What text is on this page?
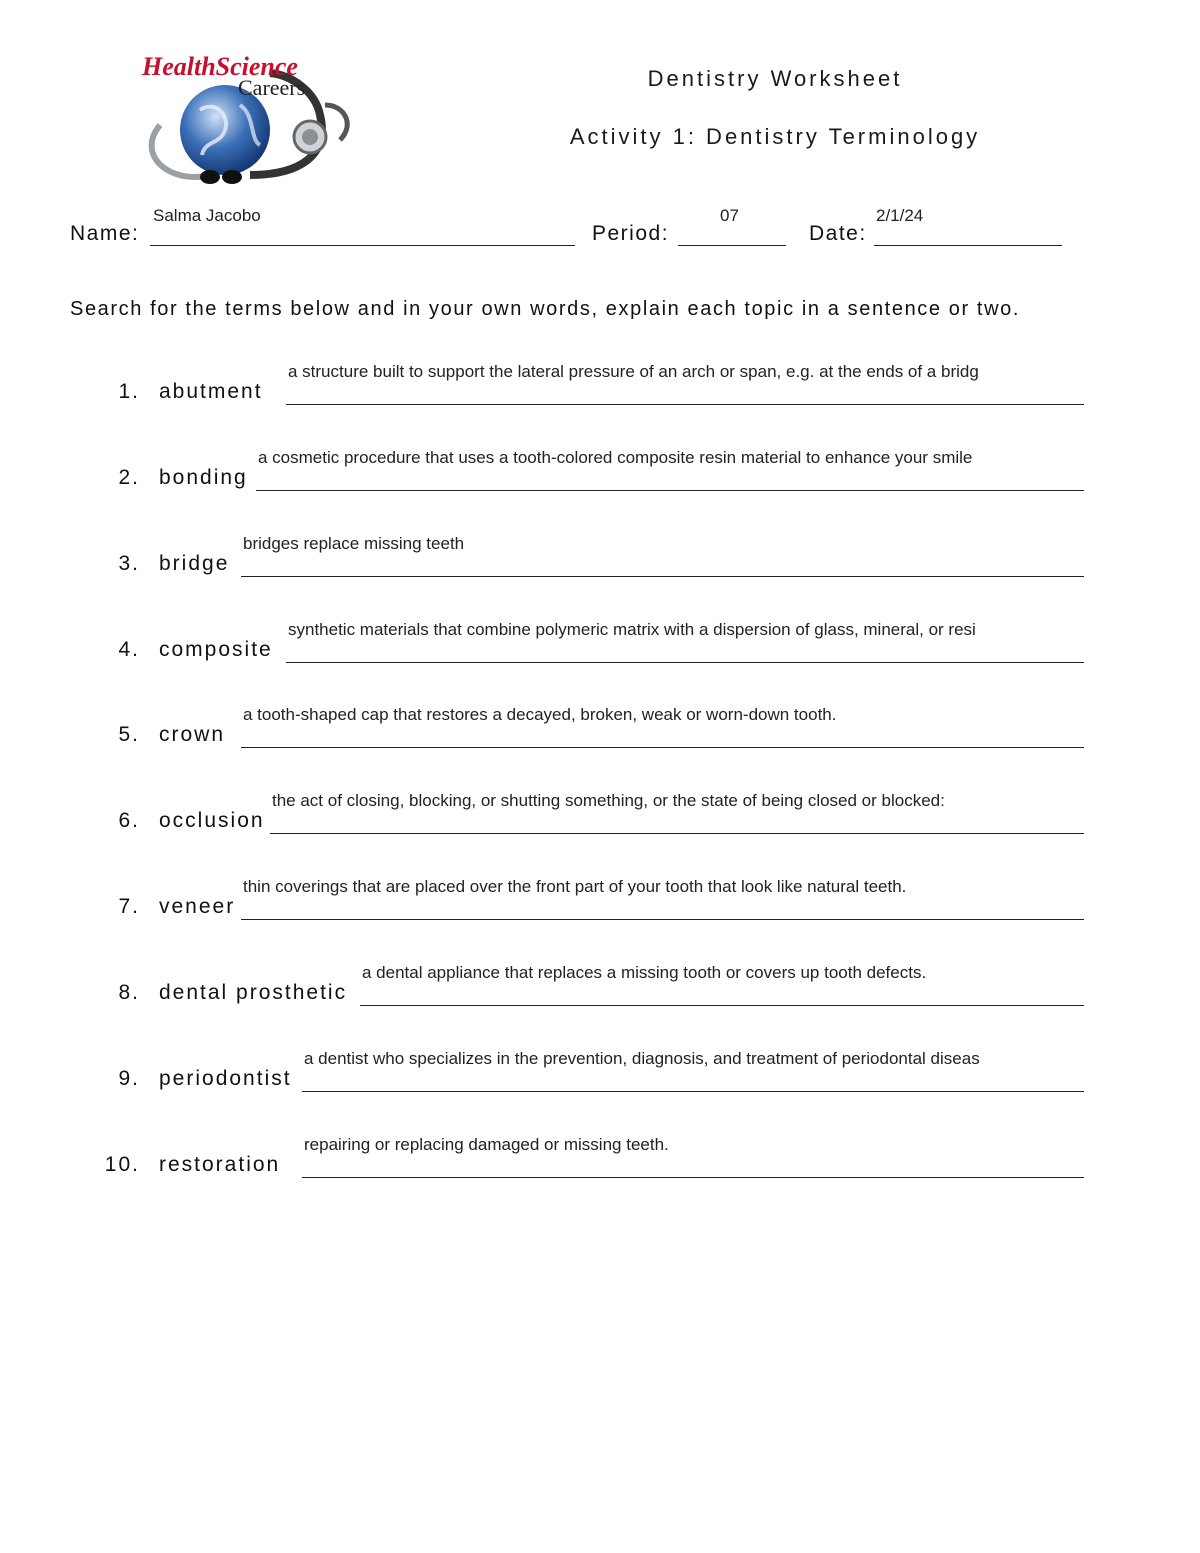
HealthScience
Careers	Dentistry Worksheet
Activity 1: Dentistry Terminology
Name:
Salma Jacobo
Period:
07
Date:
2/1/24
Search for the terms below and in your own words, explain each topic in a sentence or two.
1. abutment
a structure built to support the lateral pressure of an arch or span, e.g. at the ends of a bridg
2. bonding
a cosmetic procedure that uses a tooth-colored composite resin material to enhance your smile
3. bridge
bridges replace missing teeth
4. composite
synthetic materials that combine polymeric matrix with a dispersion of glass, mineral, or resi
5. crown
a tooth-shaped cap that restores a decayed, broken, weak or worn-down tooth.
6. occlusion
the act of closing, blocking, or shutting something, or the state of being closed or blocked:
7. veneer
thin coverings that are placed over the front part of your tooth that look like natural teeth.
8. dental prosthetic
a dental appliance that replaces a missing tooth or covers up tooth defects.
9. periodontist
a dentist who specializes in the prevention, diagnosis, and treatment of periodontal diseas
10. restoration
repairing or replacing damaged or missing teeth.
